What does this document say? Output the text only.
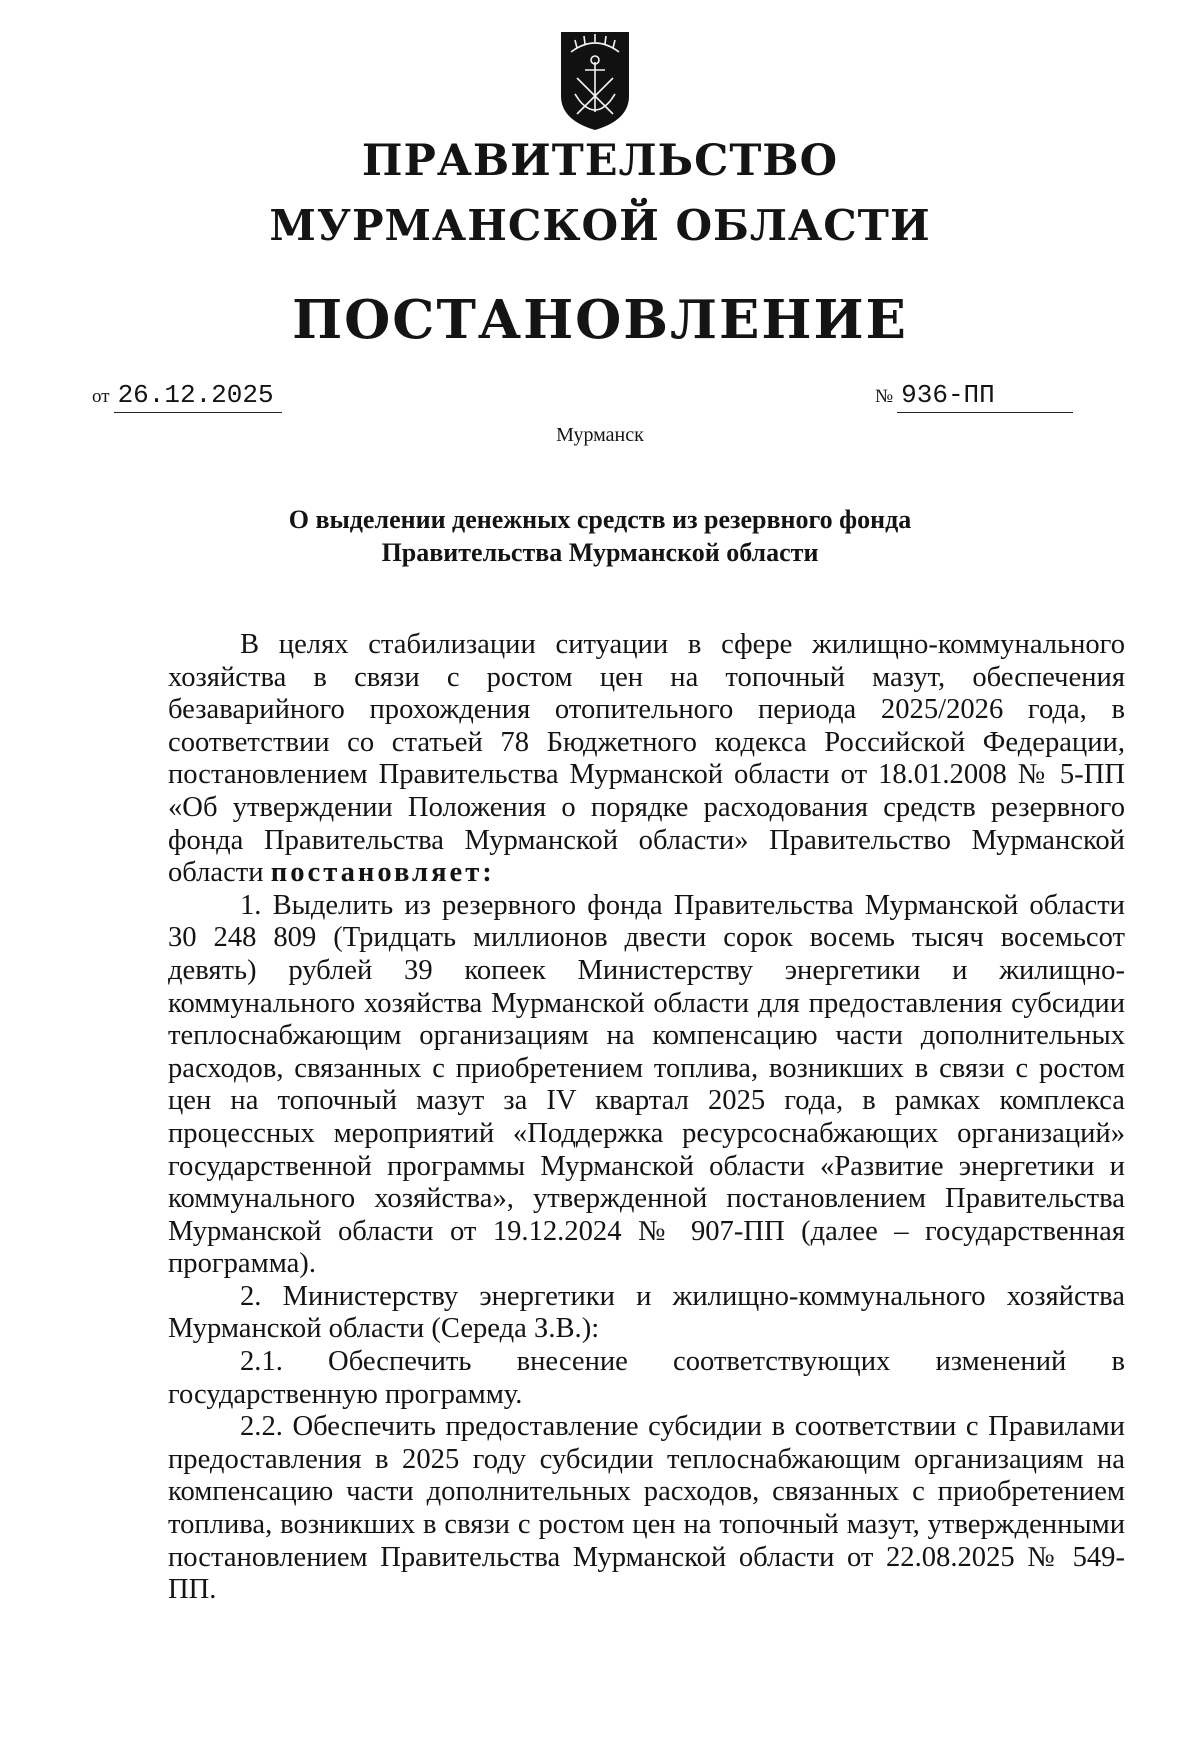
ПРАВИТЕЛЬСТВО
МУРМАНСКОЙ ОБЛАСТИ
ПОСТАНОВЛЕНИЕ
от 26.12.2025	№ 936-ПП
Мурманск
О выделении денежных средств из резервного фонда
Правительства Мурманской области

В целях стабилизации ситуации в сфере жилищно-коммунального хозяйства в связи с ростом цен на топочный мазут, обеспечения безаварийного прохождения отопительного периода 2025/2026 года, в соответствии со статьей 78 Бюджетного кодекса Российской Федерации, постановлением Правительства Мурманской области от 18.01.2008 № 5-ПП «Об утверждении Положения о порядке расходования средств резервного фонда Правительства Мурманской области» Правительство Мурманской области постановляет:

1. Выделить из резервного фонда Правительства Мурманской области 30 248 809 (Тридцать миллионов двести сорок восемь тысяч восемьсот девять) рублей 39 копеек Министерству энергетики и жилищно-коммунального хозяйства Мурманской области для предоставления субсидии теплоснабжающим организациям на компенсацию части дополнительных расходов, связанных с приобретением топлива, возникших в связи с ростом цен на топочный мазут за IV квартал 2025 года, в рамках комплекса процессных мероприятий «Поддержка ресурсоснабжающих организаций» государственной программы Мурманской области «Развитие энергетики и коммунального хозяйства», утвержденной постановлением Правительства Мурманской области от 19.12.2024 № 907-ПП (далее – государственная программа).

2. Министерству энергетики и жилищно-коммунального хозяйства Мурманской области (Середа З.В.):

2.1. Обеспечить внесение соответствующих изменений в государственную программу.

2.2. Обеспечить предоставление субсидии в соответствии с Правилами предоставления в 2025 году субсидии теплоснабжающим организациям на компенсацию части дополнительных расходов, связанных с приобретением топлива, возникших в связи с ростом цен на топочный мазут, утвержденными постановлением Правительства Мурманской области от 22.08.2025 № 549-ПП.
